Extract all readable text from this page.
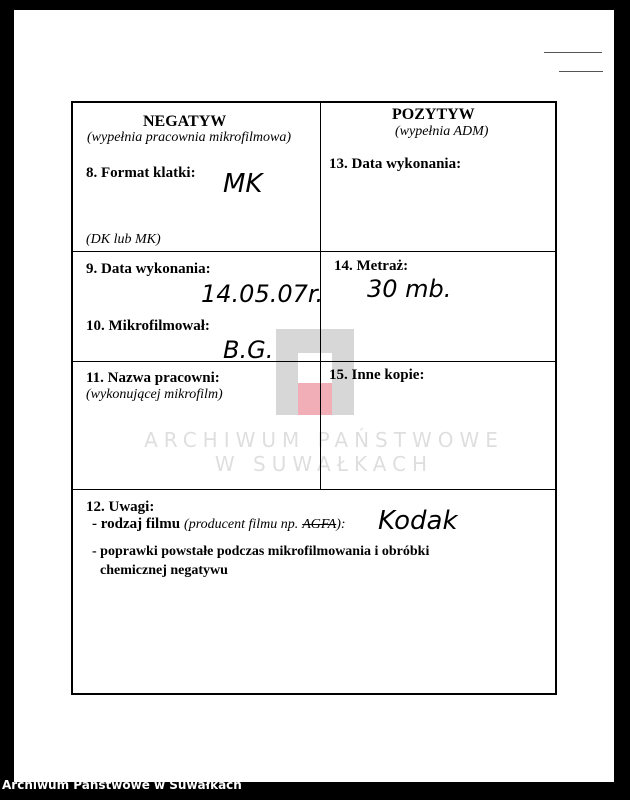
NEGATYW
(wypełnia pracownia mikrofilmowa)
POZYTYW
(wypełnia ADM)
8. Format klatki: MK
(DK lub MK)
13. Data wykonania:
9. Data wykonania:
14.05.07r.
14. Metraż:
30 mb.
10. Mikrofilmował:
B.G.
11. Nazwa pracowni:
(wykonującej mikrofilm)
15. Inne kopie:
12. Uwagi:
- rodzaj filmu (producent filmu np. AGFA): Kodak
- poprawki powstałe podczas mikrofilmowania i obróbki
chemicznej negatywu
ARCHIWUM PAŃSTWOWE
W SUWAŁKACH
Archiwum Państwowe w Suwałkach
